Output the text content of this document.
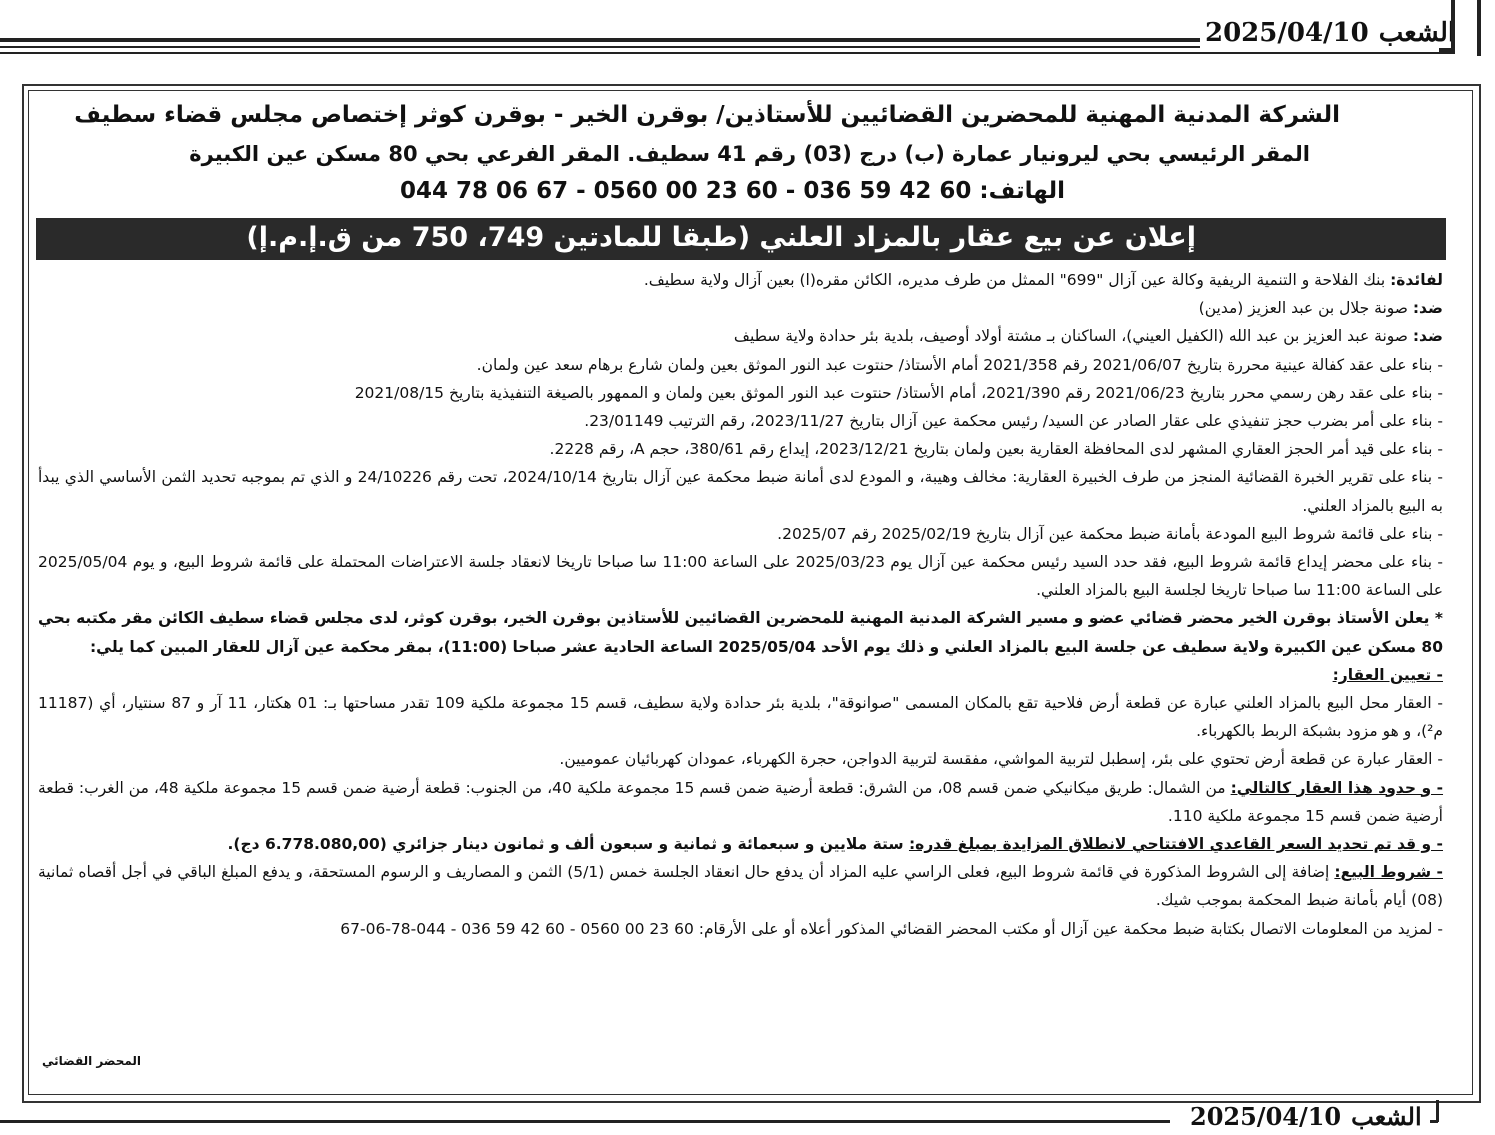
2025/04/10 الشعب
الشركة المدنية المهنية للمحضرين القضائيين للأستاذين/ بوقرن الخير - بوقرن كوثر إختصاص مجلس قضاء سطيف
المقر الرئيسي بحي ليرونيار عمارة (ب) درج (03) رقم 41 سطيف. المقر الفرعي بحي 80 مسكن عين الكبيرة
الهاتف: 60 42 59 036 - 60 23 00 0560 - 67 06 78 044
إعلان عن بيع عقار بالمزاد العلني (طبقا للمادتين 749، 750 من ق.إ.م.إ)

لفائدة: بنك الفلاحة و التنمية الريفية وكالة عين آزال "699" الممثل من طرف مديره، الكائن مقره(ا) بعين آزال ولاية سطيف.

ضد: صونة جلال بن عبد العزيز (مدين)

ضد: صونة عبد العزيز بن عبد الله (الكفيل العيني)، الساكنان بـ مشتة أولاد أوصيف، بلدية بئر حدادة ولاية سطيف

- بناء على عقد كفالة عينية محررة بتاريخ 2021/06/07 رقم 2021/358 أمام الأستاذ/ حنتوت عبد النور الموثق بعين ولمان شارع برهام سعد عين ولمان.

- بناء على عقد رهن رسمي محرر بتاريخ 2021/06/23 رقم 2021/390، أمام الأستاذ/ حنتوت عبد النور الموثق بعين ولمان و الممهور بالصيغة التنفيذية بتاريخ 2021/08/15

- بناء على أمر بضرب حجز تنفيذي على عقار الصادر عن السيد/ رئيس محكمة عين آزال بتاريخ 2023/11/27، رقم الترتيب 23/01149.

- بناء على قيد أمر الحجز العقاري المشهر لدى المحافظة العقارية بعين ولمان بتاريخ 2023/12/21، إيداع رقم 380/61، حجم A، رقم 2228.

- بناء على تقرير الخبرة القضائية المنجز من طرف الخبيرة العقارية: مخالف وهيبة، و المودع لدى أمانة ضبط محكمة عين آزال بتاريخ 2024/10/14، تحت رقم 24/10226 و الذي تم بموجبه تحديد الثمن الأساسي الذي يبدأ به البيع بالمزاد العلني.

- بناء على قائمة شروط البيع المودعة بأمانة ضبط محكمة عين آزال بتاريخ 2025/02/19 رقم 2025/07.

- بناء على محضر إيداع قائمة شروط البيع، فقد حدد السيد رئيس محكمة عين آزال يوم 2025/03/23 على الساعة 11:00 سا صباحا تاريخا لانعقاد جلسة الاعتراضات المحتملة على قائمة شروط البيع، و يوم 2025/05/04 على الساعة 11:00 سا صباحا تاريخا لجلسة البيع بالمزاد العلني.

* يعلن الأستاذ بوقرن الخير محضر قضائي عضو و مسير الشركة المدنية المهنية للمحضرين القضائيين للأستاذين بوقرن الخير، بوقرن كوثر، لدى مجلس قضاء سطيف الكائن مقر مكتبه بحي 80 مسكن عين الكبيرة ولاية سطيف عن جلسة البيع بالمزاد العلني و ذلك يوم الأحد 2025/05/04 الساعة الحادية عشر صباحا (11:00)، بمقر محكمة عين آزال للعقار المبين كما يلي:

- تعيين العقار:

- العقار محل البيع بالمزاد العلني عبارة عن قطعة أرض فلاحية تقع بالمكان المسمى "صوانوقة"، بلدية بئر حدادة ولاية سطيف، قسم 15 مجموعة ملكية 109 تقدر مساحتها بـ: 01 هكتار، 11 آر و 87 سنتيار، أي (11187 م²)، و هو مزود بشبكة الربط بالكهرباء.

- العقار عبارة عن قطعة أرض تحتوي على بئر، إسطبل لتربية المواشي، مفقسة لتربية الدواجن، حجرة الكهرباء، عمودان كهربائيان عموميين.

- و حدود هذا العقار كالتالي: من الشمال: طريق ميكانيكي ضمن قسم 08، من الشرق: قطعة أرضية ضمن قسم 15 مجموعة ملكية 40، من الجنوب: قطعة أرضية ضمن قسم 15 مجموعة ملكية 48، من الغرب: قطعة أرضية ضمن قسم 15 مجموعة ملكية 110.

- و قد تم تحديد السعر القاعدي الافتتاحي لانطلاق المزايدة بمبلغ قدره: ستة ملايين و سبعمائة و ثمانية و سبعون ألف و ثمانون دينار جزائري (6.778.080,00 دج).

- شروط البيع: إضافة إلى الشروط المذكورة في قائمة شروط البيع، فعلى الراسي عليه المزاد أن يدفع حال انعقاد الجلسة خمس (5/1) الثمن و المصاريف و الرسوم المستحقة، و يدفع المبلغ الباقي في أجل أقصاه ثمانية (08) أيام بأمانة ضبط المحكمة بموجب شيك.

- لمزيد من المعلومات الاتصال بكتابة ضبط محكمة عين آزال أو مكتب المحضر القضائي المذكور أعلاه أو على الأرقام: 60 23 00 0560 - 60 42 59 036 - 044-78-06-67

المحضر القضائي
2025/04/10 الشعب
